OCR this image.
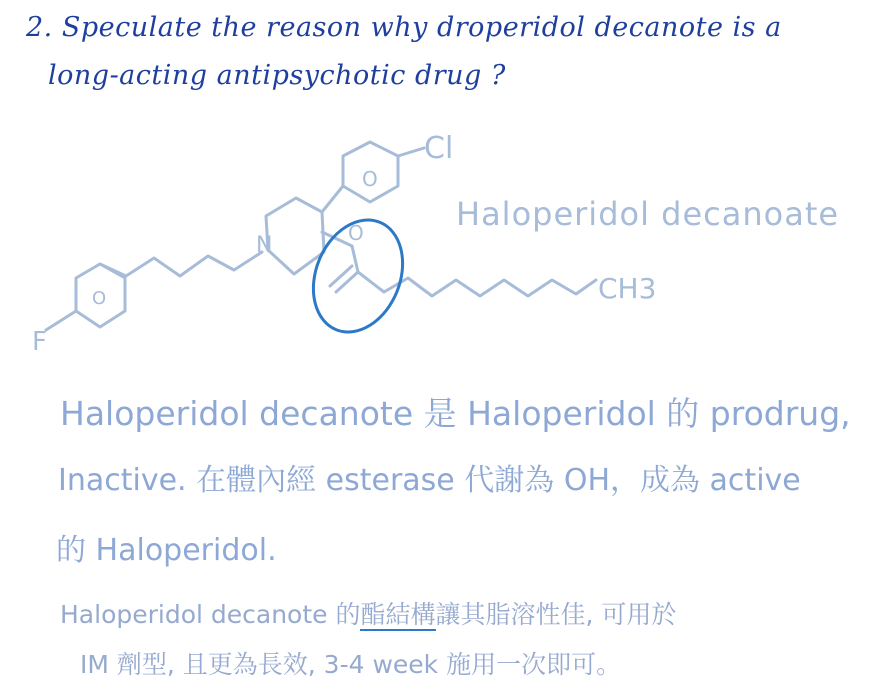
2. Speculate the reason why droperidol decanote is a
long-acting antipsychotic drug ?
Cl
F
N
O
O
O
CH3
Haloperidol decanoate
Haloperidol decanote 是 Haloperidol 的 prodrug,
Inactive. 在體內經 esterase 代謝為 OH，成為 active
的 Haloperidol.
Haloperidol decanote 的酯結構讓其脂溶性佳, 可用於
IM 劑型, 且更為長效, 3-4 week 施用一次即可。
